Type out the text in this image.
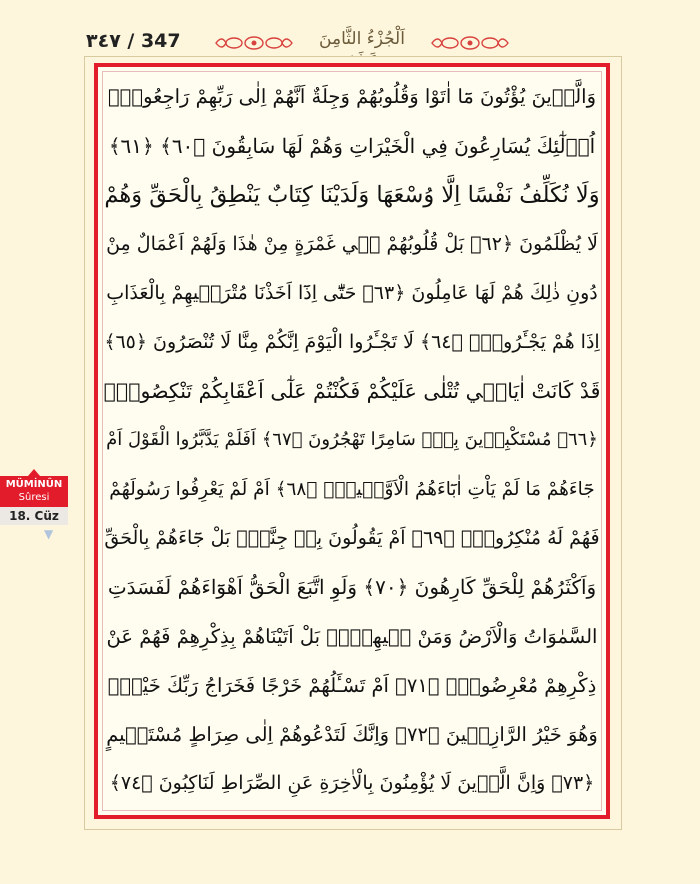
٣٤٧ / 347	اَلْجُزْءُ الثَّامِنَ
وَالَّذ۪ينَ يُؤْتُونَ مَٓا اٰتَوْا وَقُلُوبُهُمْ وَجِلَةٌ اَنَّهُمْ اِلٰى رَبِّهِمْ رَاجِعُونَۙ
اُو۬لٰٓئِكَ يُسَارِعُونَ فِي الْخَيْرَاتِ وَهُمْ لَهَا سَابِقُونَ ﴿٦٠﴾ ﴿٦١﴾
وَلَا نُكَلِّفُ نَفْسًا اِلَّا وُسْعَهَا وَلَدَيْنَا كِتَابٌ يَنْطِقُ بِالْحَقِّ وَهُمْ
لَا يُظْلَمُونَ ﴿٦٢﴾ بَلْ قُلُوبُهُمْ ف۪ي غَمْرَةٍ مِنْ هٰذَا وَلَهُمْ اَعْمَالٌ مِنْ
دُونِ ذٰلِكَ هُمْ لَهَا عَامِلُونَ ﴿٦٣﴾ حَتّٰٓى اِذَٓا اَخَذْنَا مُتْرَف۪يهِمْ بِالْعَذَابِ
اِذَا هُمْ يَجْـَٔرُونَۜ ﴿٦٤﴾ لَا تَجْـَٔرُوا الْيَوْمَ اِنَّكُمْ مِنَّا لَا تُنْصَرُونَ ﴿٦٥﴾
قَدْ كَانَتْ اٰيَات۪ي تُتْلٰى عَلَيْكُمْ فَكُنْتُمْ عَلٰٓى اَعْقَابِكُمْ تَنْكِصُونَۙ
﴿٦٦﴾ مُسْتَكْبِر۪ينَ بِه۪ۗ سَامِرًا تَهْجُرُونَ ﴿٦٧﴾ اَفَلَمْ يَدَّبَّرُوا الْقَوْلَ اَمْ
جَٓاءَهُمْ مَا لَمْ يَاْتِ اٰبَٓاءَهُمُ الْاَوَّل۪ينَۘ ﴿٦٨﴾ اَمْ لَمْ يَعْرِفُوا رَسُولَهُمْ
فَهُمْ لَهُ مُنْكِرُونَۘ ﴿٦٩﴾ اَمْ يَقُولُونَ بِه۪ جِنَّةٌۜ بَلْ جَٓاءَهُمْ بِالْحَقِّ
وَاَكْثَرُهُمْ لِلْحَقِّ كَارِهُونَ ﴿٧٠﴾ وَلَوِ اتَّبَعَ الْحَقُّ اَهْوَٓاءَهُمْ لَفَسَدَتِ
السَّمٰوَاتُ وَالْاَرْضُ وَمَنْ ف۪يهِنَّۜ بَلْ اَتَيْنَاهُمْ بِذِكْرِهِمْ فَهُمْ عَنْ
ذِكْرِهِمْ مُعْرِضُونَۜ ﴿٧١﴾ اَمْ تَسْـَٔلُهُمْ خَرْجًا فَخَرَاجُ رَبِّكَ خَيْرٌۗ
وَهُوَ خَيْرُ الرَّازِق۪ينَ ﴿٧٢﴾ وَاِنَّكَ لَتَدْعُوهُمْ اِلٰى صِرَاطٍ مُسْتَق۪يمٍ
﴿٧٣﴾ وَاِنَّ الَّذ۪ينَ لَا يُؤْمِنُونَ بِالْاٰخِرَةِ عَنِ الصِّرَاطِ لَنَاكِبُونَ ﴿٧٤﴾
MÜMİNÛN
Sûresi
18. Cüz
▼
